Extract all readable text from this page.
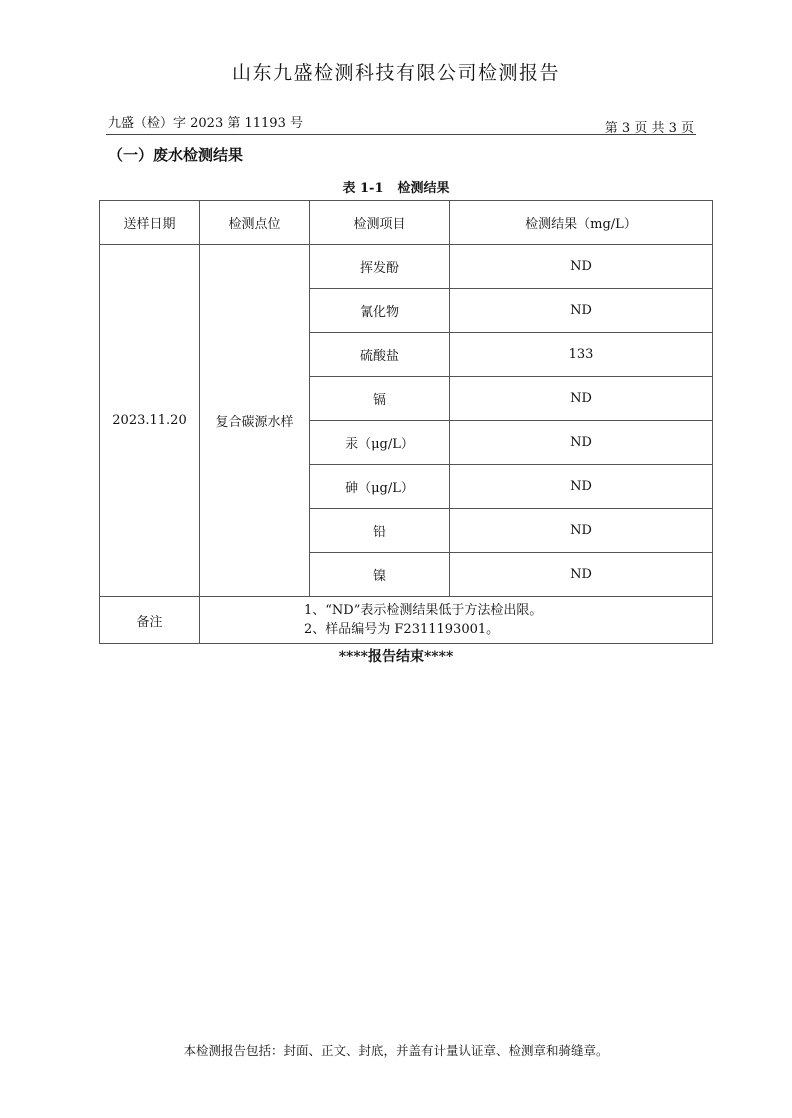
山东九盛检测科技有限公司检测报告
九盛（检）字 2023 第 11193 号	第 3 页 共 3 页
（一）废水检测结果
表 1-1 检测结果
送样日期	检测点位	检测项目	检测结果（mg/L）
2023.11.20	复合碳源水样	挥发酚	ND
		氰化物	ND
		硫酸盐	133
		镉	ND
		汞（μg/L）	ND
		砷（μg/L）	ND
		铅	ND
		镍	ND
备注	1、“ND”表示检测结果低于方法检出限。
2、样品编号为 F2311193001。		
****报告结束****
本检测报告包括：封面、正文、封底，并盖有计量认证章、检测章和骑缝章。
